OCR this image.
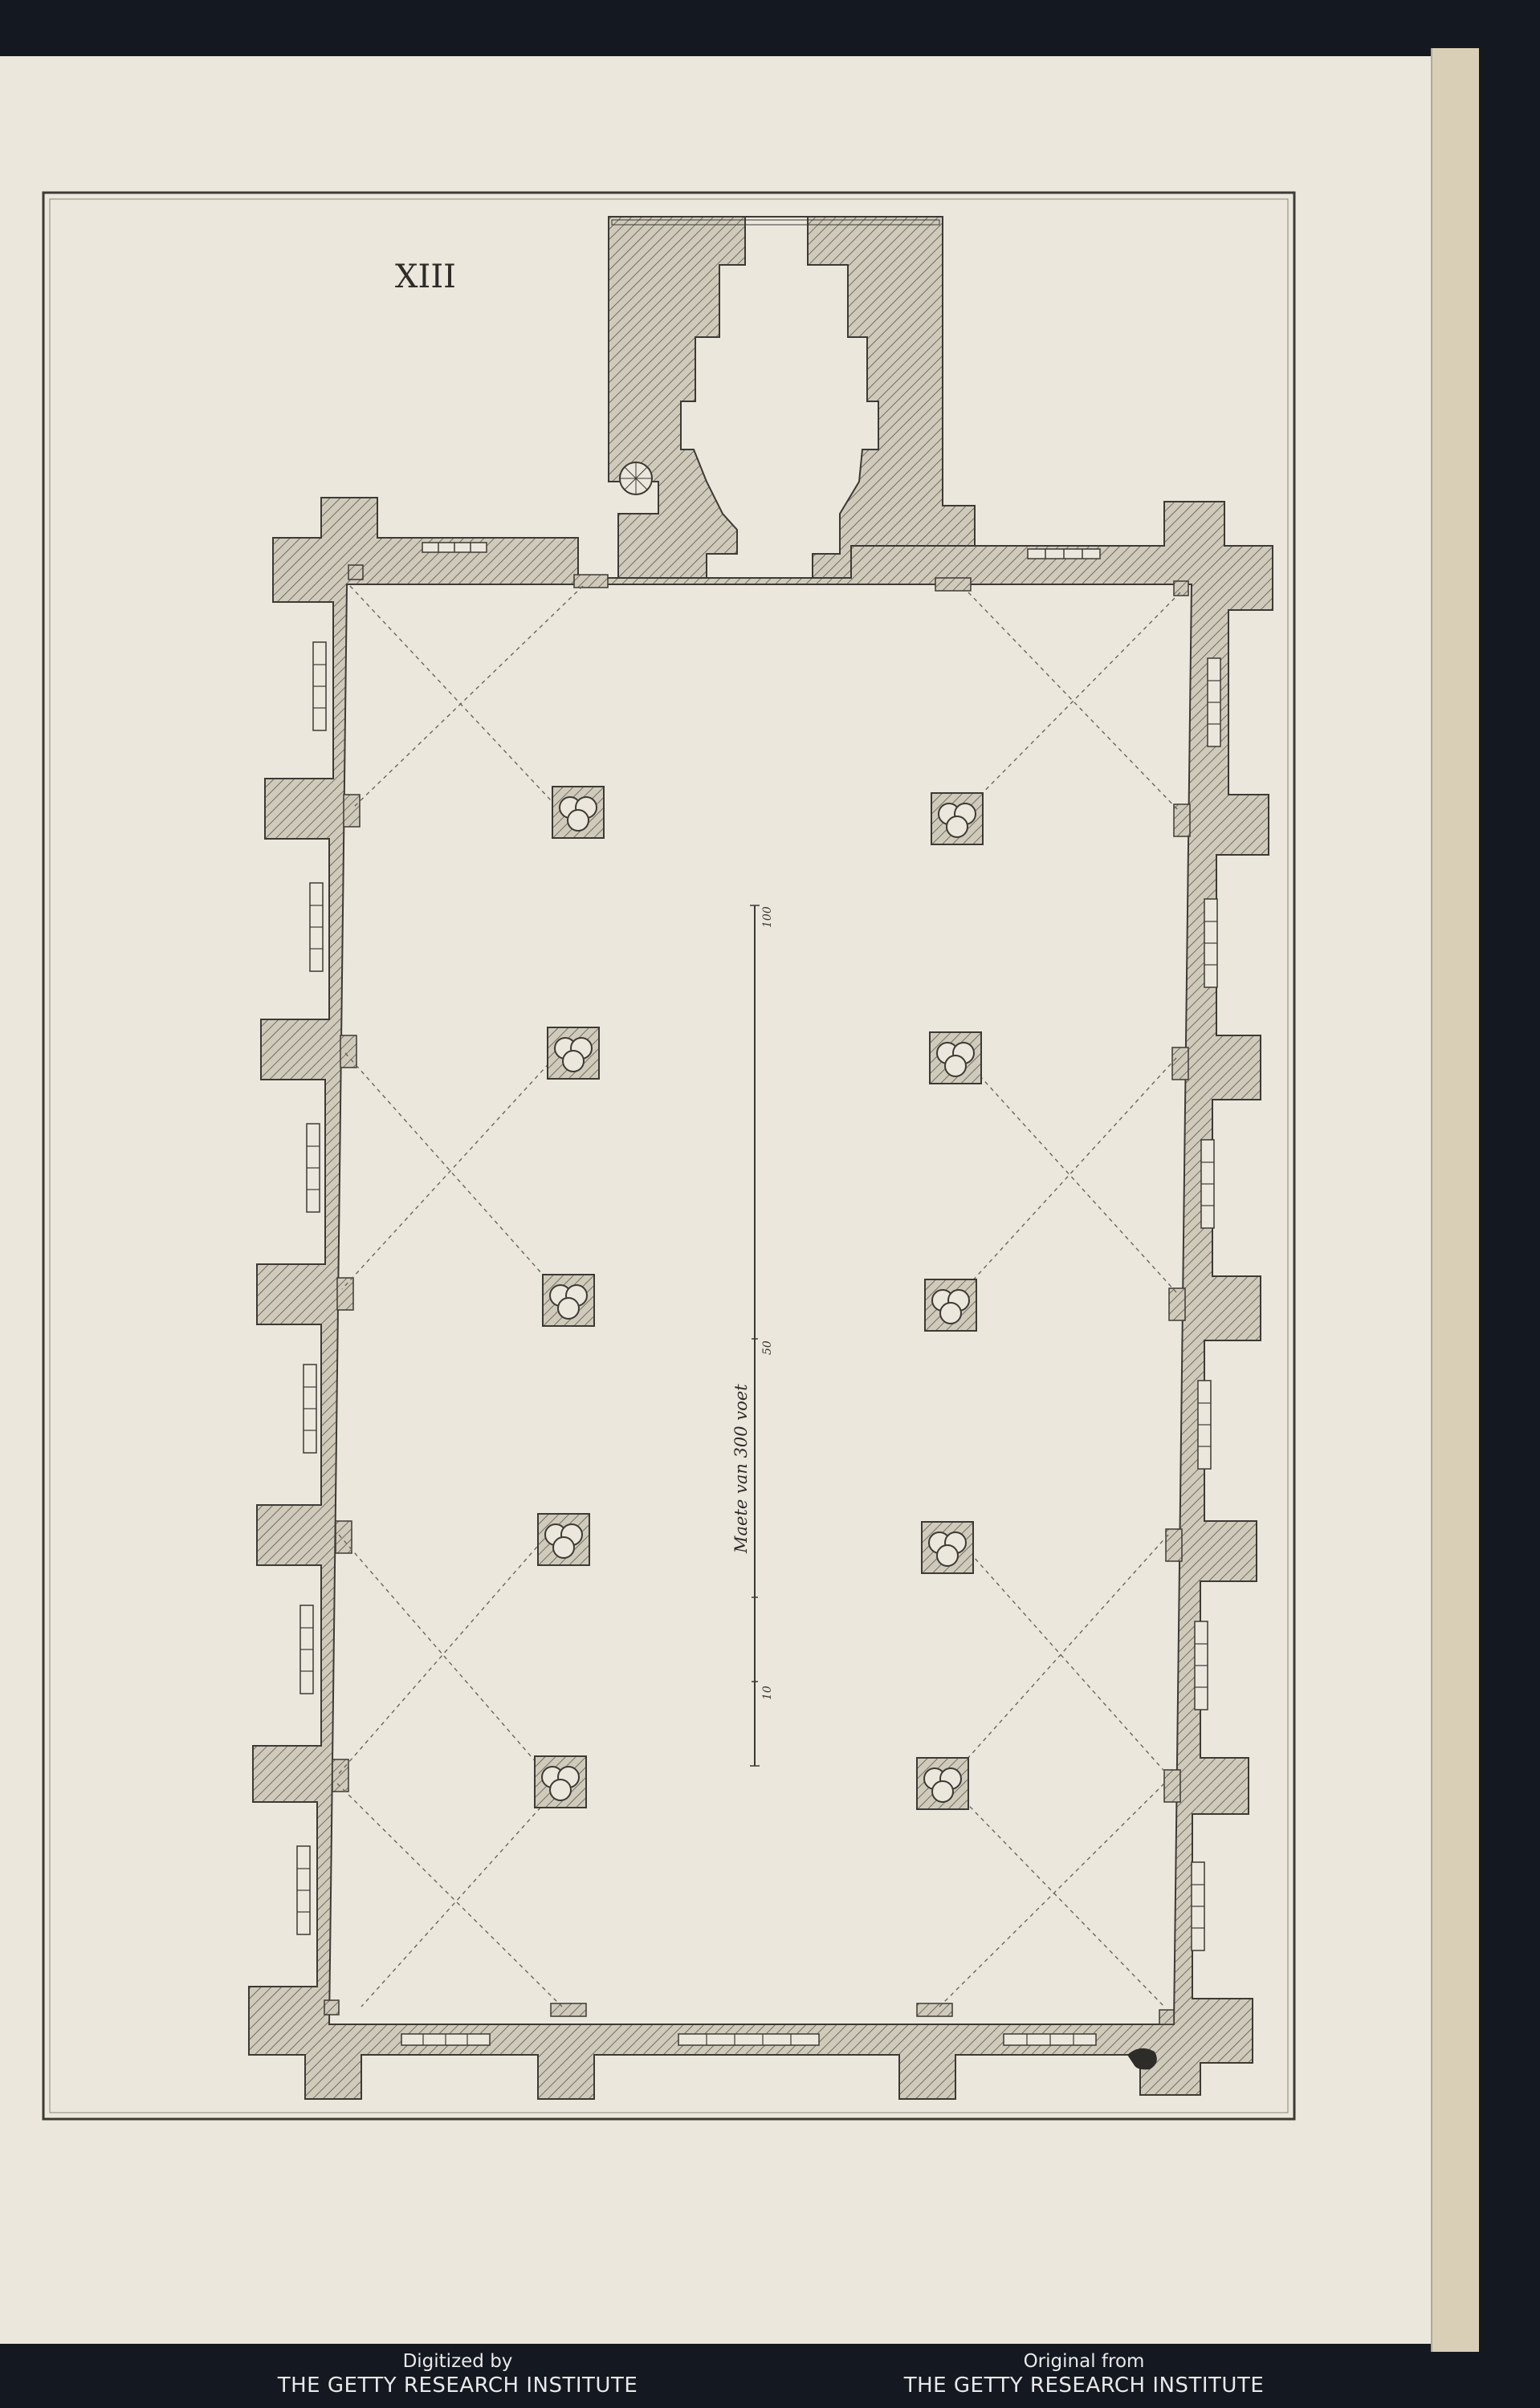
XIII
10
50
100
Maete van 300 voet
Digitized by
THE GETTY RESEARCH INSTITUTE
Original from
THE GETTY RESEARCH INSTITUTE
